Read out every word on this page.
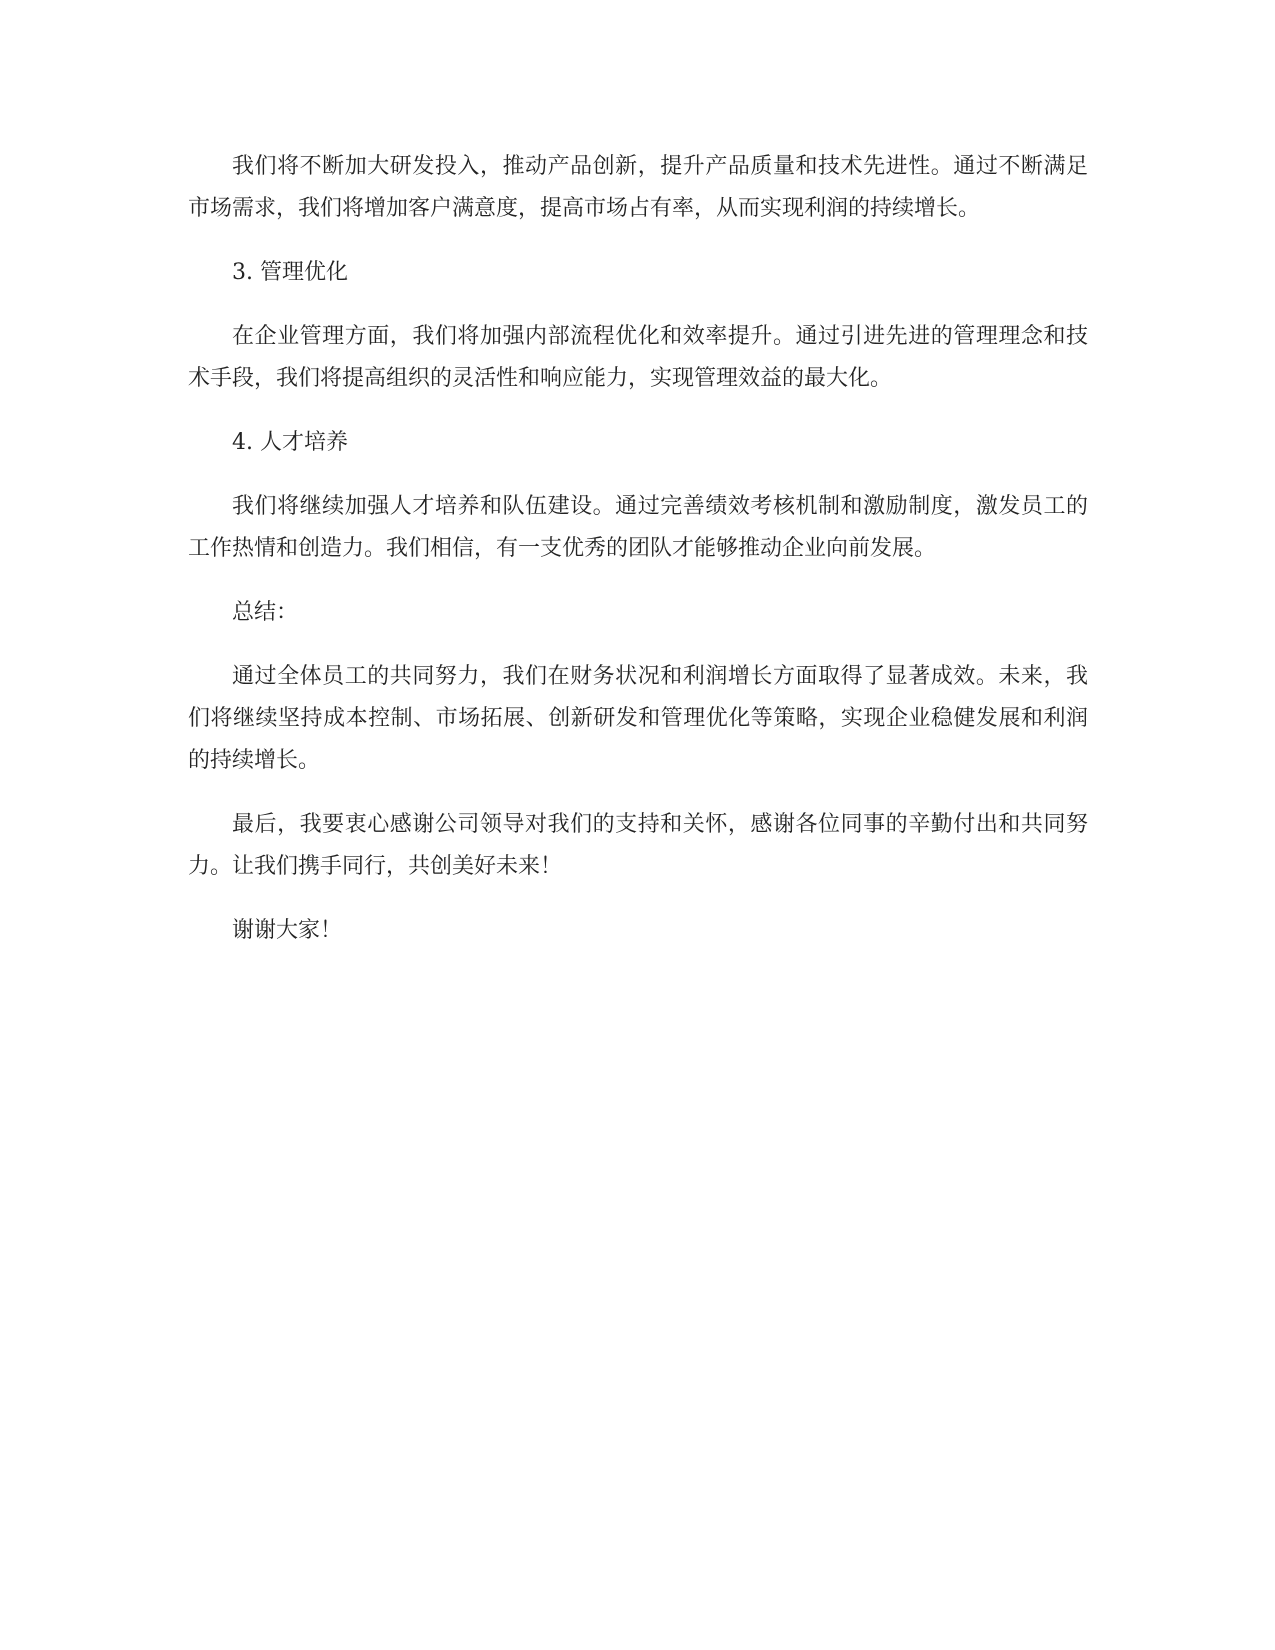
我们将不断加大研发投入，推动产品创新，提升产品质量和技术先进性。通过不断满足市场需求，我们将增加客户满意度，提高市场占有率，从而实现利润的持续增长。

3. 管理优化

在企业管理方面，我们将加强内部流程优化和效率提升。通过引进先进的管理理念和技术手段，我们将提高组织的灵活性和响应能力，实现管理效益的最大化。

4. 人才培养

我们将继续加强人才培养和队伍建设。通过完善绩效考核机制和激励制度，激发员工的工作热情和创造力。我们相信，有一支优秀的团队才能够推动企业向前发展。

总结：

通过全体员工的共同努力，我们在财务状况和利润增长方面取得了显著成效。未来，我们将继续坚持成本控制、市场拓展、创新研发和管理优化等策略，实现企业稳健发展和利润的持续增长。

最后，我要衷心感谢公司领导对我们的支持和关怀，感谢各位同事的辛勤付出和共同努力。让我们携手同行，共创美好未来！

谢谢大家！
